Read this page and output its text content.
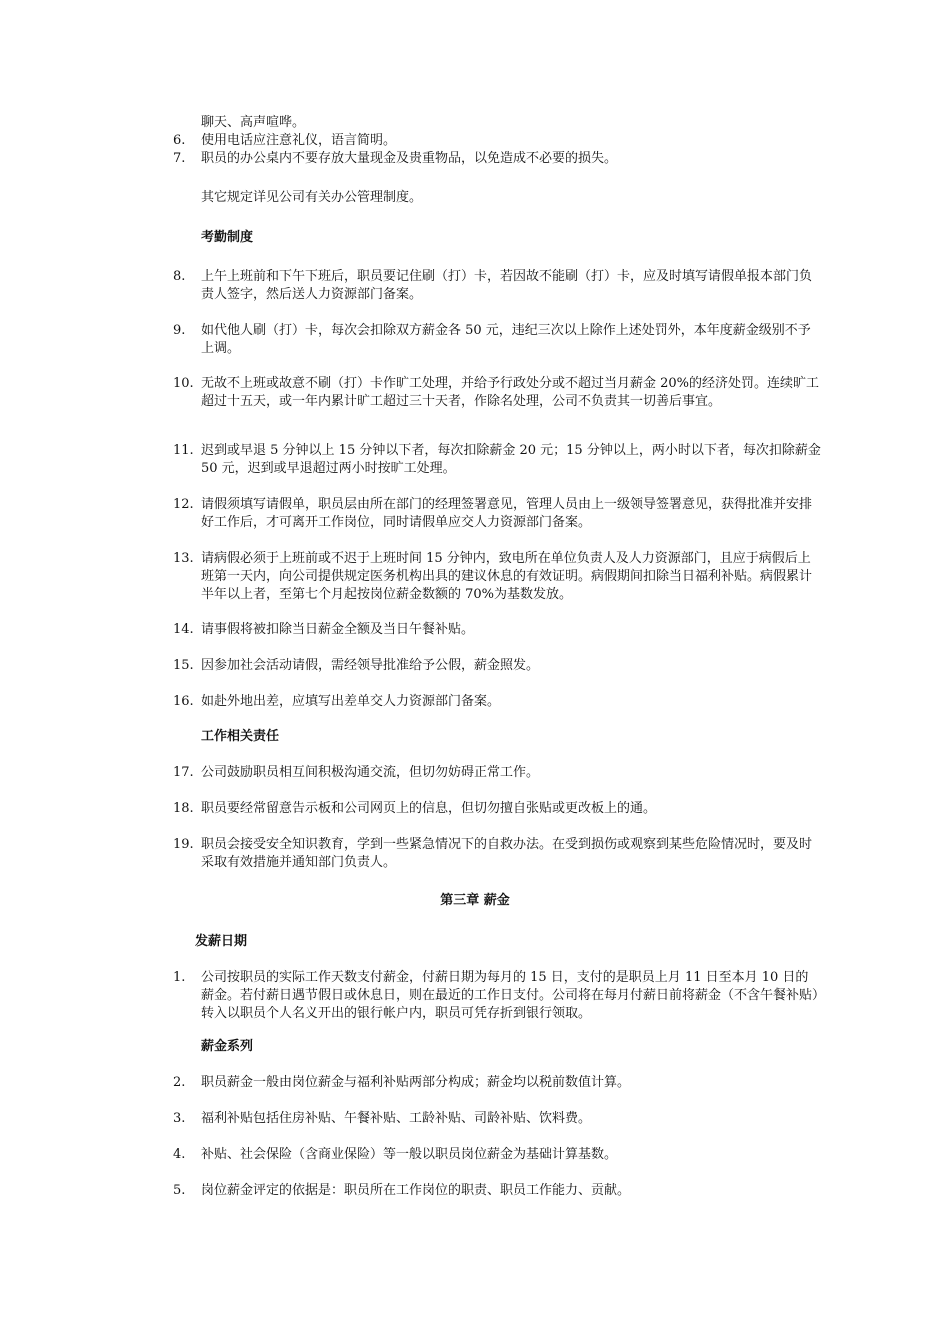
聊天、高声喧哗。
6.	使用电话应注意礼仪，语言简明。
7.	职员的办公桌内不要存放大量现金及贵重物品，以免造成不必要的损失。
其它规定详见公司有关办公管理制度。
考勤制度
8.	上午上班前和下午下班后，职员要记住刷（打）卡，若因故不能刷（打）卡，应及时填写请假单报本部门负责人签字，然后送人力资源部门备案。
9.	如代他人刷（打）卡，每次会扣除双方薪金各 50 元，违纪三次以上除作上述处罚外，本年度薪金级别不予上调。
10. 无故不上班或故意不刷（打）卡作旷工处理，并给予行政处分或不超过当月薪金 20%的经济处罚。连续旷工超过十五天，或一年内累计旷工超过三十天者，作除名处理，公司不负责其一切善后事宜。
11. 迟到或早退 5 分钟以上 15 分钟以下者，每次扣除薪金 20 元；15 分钟以上，两小时以下者，每次扣除薪金 50 元，迟到或早退超过两小时按旷工处理。
12. 请假须填写请假单，职员层由所在部门的经理签署意见，管理人员由上一级领导签署意见，获得批准并安排好工作后，才可离开工作岗位，同时请假单应交人力资源部门备案。
13. 请病假必须于上班前或不迟于上班时间 15 分钟内，致电所在单位负责人及人力资源部门，且应于病假后上班第一天内，向公司提供规定医务机构出具的建议休息的有效证明。病假期间扣除当日福利补贴。病假累计半年以上者，至第七个月起按岗位薪金数额的 70%为基数发放。
14. 请事假将被扣除当日薪金全额及当日午餐补贴。
15. 因参加社会活动请假，需经领导批准给予公假，薪金照发。
16. 如赴外地出差，应填写出差单交人力资源部门备案。
工作相关责任
17. 公司鼓励职员相互间积极沟通交流，但切勿妨碍正常工作。
18. 职员要经常留意告示板和公司网页上的信息，但切勿擅自张贴或更改板上的通。
19. 职员会接受安全知识教育，学到一些紧急情况下的自救办法。在受到损伤或观察到某些危险情况时，要及时采取有效措施并通知部门负责人。
第三章 薪金
发薪日期
1.	公司按职员的实际工作天数支付薪金，付薪日期为每月的 15 日，支付的是职员上月 11 日至本月 10 日的薪金。若付薪日遇节假日或休息日，则在最近的工作日支付。公司将在每月付薪日前将薪金（不含午餐补贴）转入以职员个人名义开出的银行帐户内，职员可凭存折到银行领取。
薪金系列
2.	职员薪金一般由岗位薪金与福利补贴两部分构成；薪金均以税前数值计算。
3.	福利补贴包括住房补贴、午餐补贴、工龄补贴、司龄补贴、饮料费。
4.	补贴、社会保险（含商业保险）等一般以职员岗位薪金为基础计算基数。
5.	岗位薪金评定的依据是：职员所在工作岗位的职责、职员工作能力、贡献。
